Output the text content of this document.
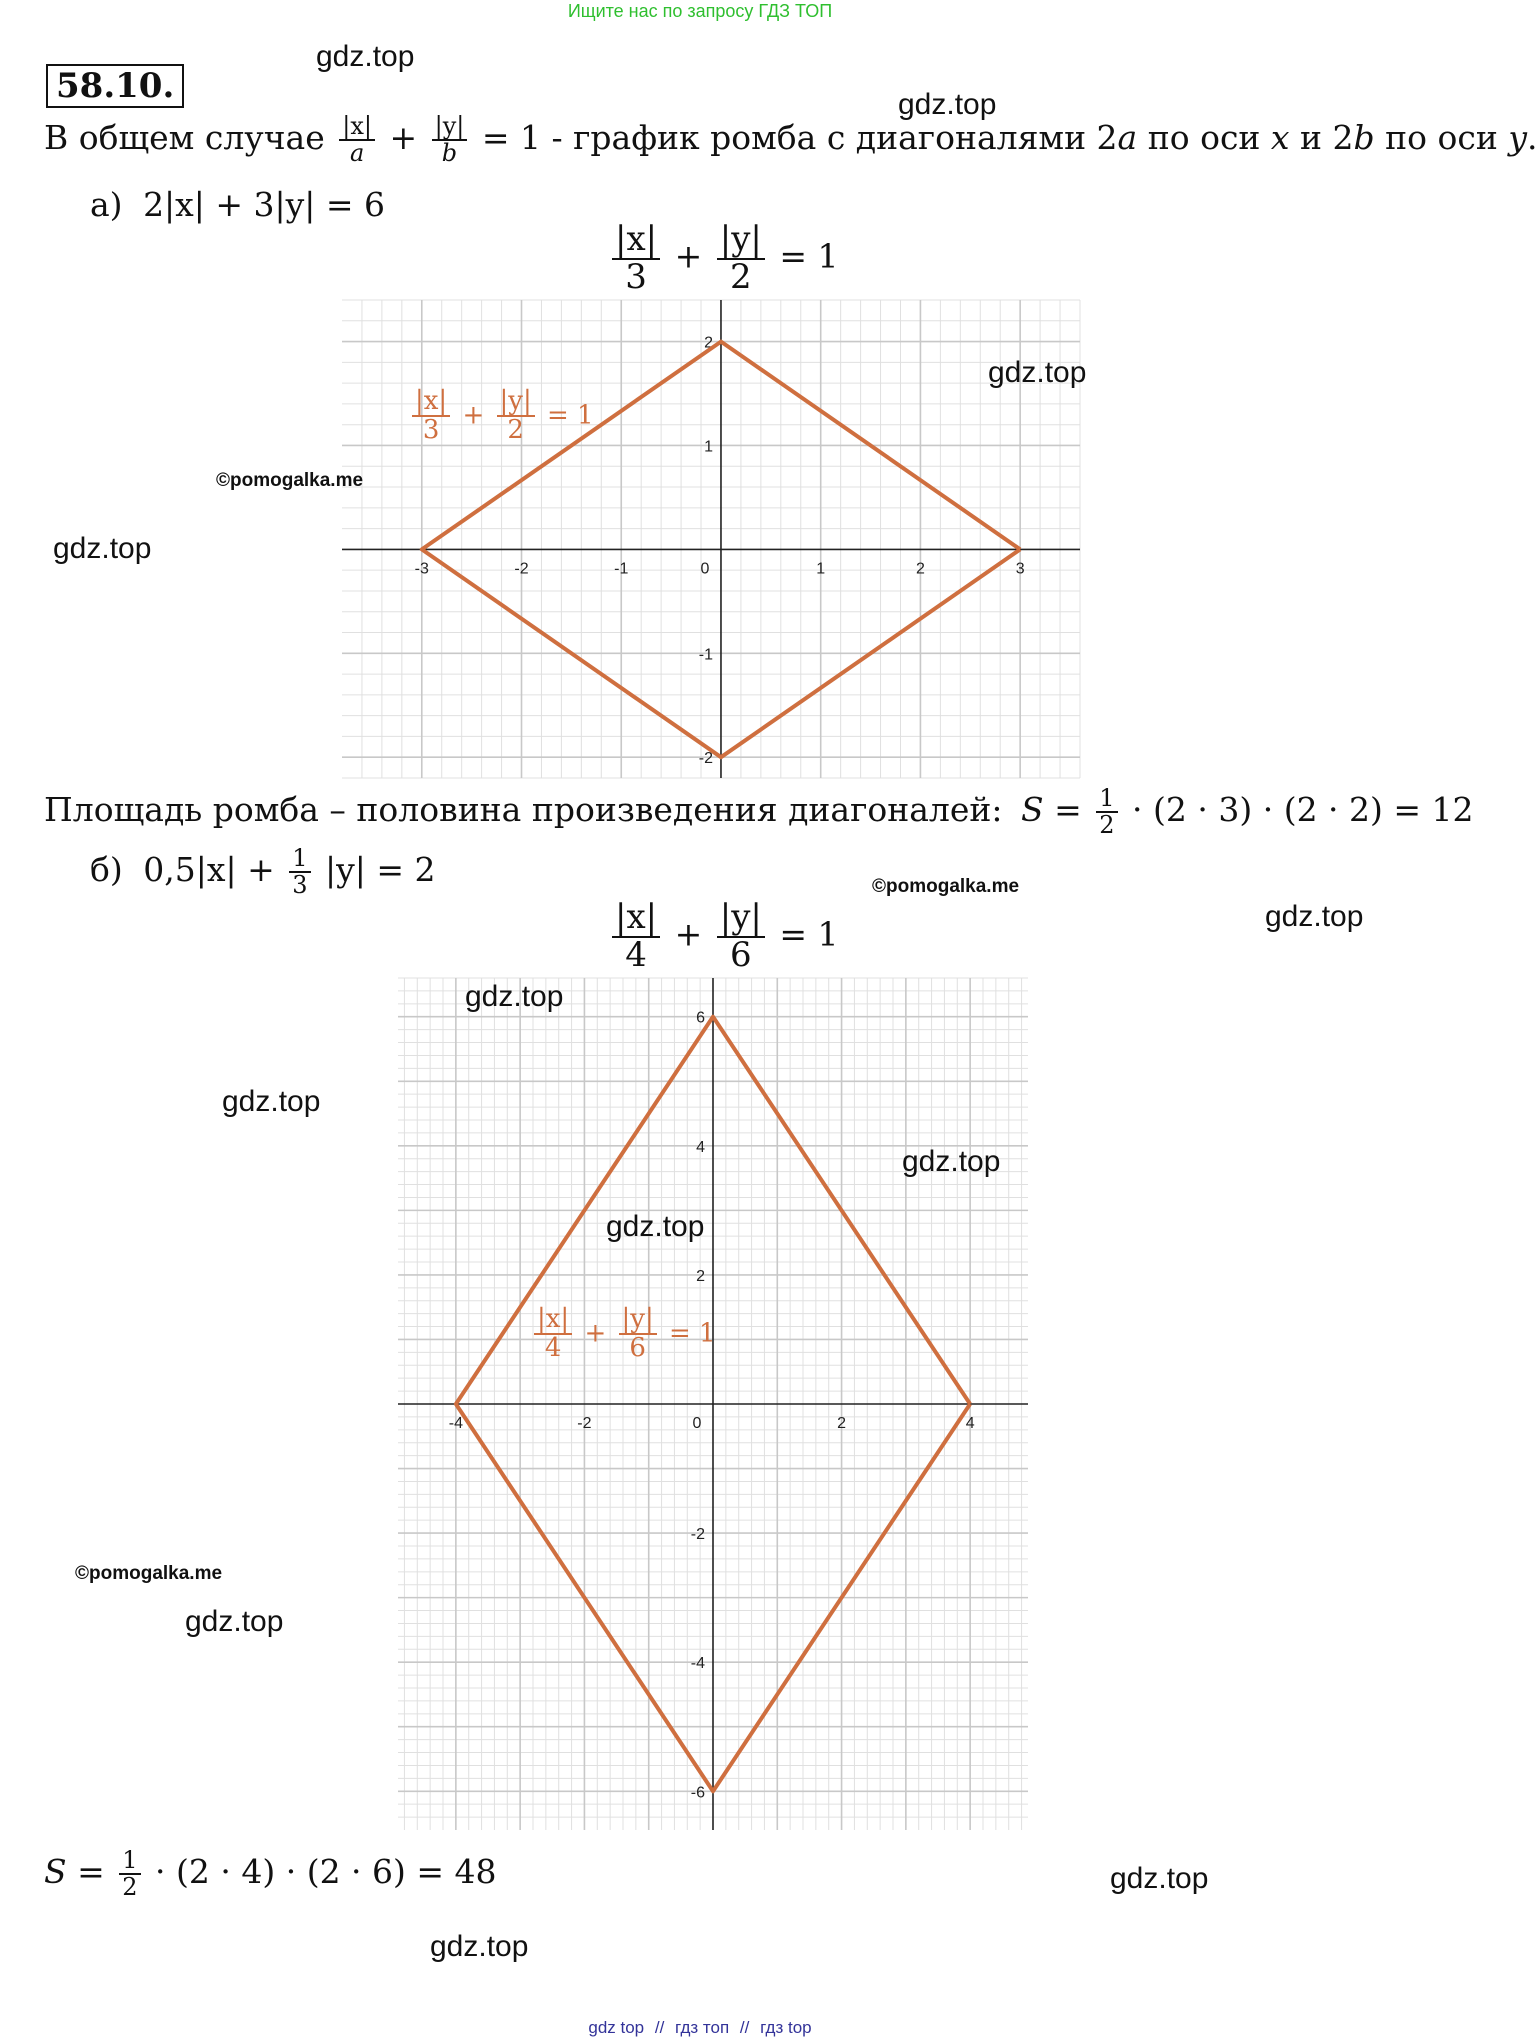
Ищите нас по запросу ГДЗ ТОП
58.10.
В общем случае $\frac{|x|}{a} + \frac{|y|}{b} = 1$ - график ромба с диагоналями 2a по оси x и 2b по оси y.
а) 2|x| + 3|y| = 6
$\frac{|x|}{3} + \frac{|y|}{2} = 1$
-3	-2	-1	0	1	2	3
-2
-1
1
2
$\frac{|x|}{3} + \frac{|y|}{2} = 1$
Площадь ромба – половина произведения диагоналей: $S = \frac{1}{2} \cdot (2 \cdot 3) \cdot (2 \cdot 2) = 12$
б) $0,5|x| + \frac{1}{3} |y| = 2$
$\frac{|x|}{4} + \frac{|y|}{6} = 1$
-4	-2	0	2	4
-6
-4
-2
2
4
6
$\frac{|x|}{4} + \frac{|y|}{6} = 1$
$S = \frac{1}{2} \cdot (2 \cdot 4) \cdot (2 \cdot 6) = 48$
gdz.top
gdz.top
gdz.top
gdz.top
gdz.top
gdz.top
gdz.top
gdz.top
gdz.top
gdz.top
gdz.top
gdz.top
©pomogalka.me
©pomogalka.me
©pomogalka.me
gdz top // гдз топ // гдз top
